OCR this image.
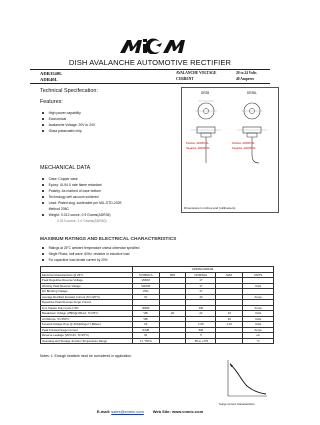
DISH AVALANCHE AUTOMOTIVE RECTIFIER
ADR3540L
ADR40L
AVALANCHE VOLTAGE
CURRENT
20 to 24 Volts
40 Amperes
Technical Specifecation:
Features:
High power capability
Economical
Avalanche Voltage: 20V to 24V
Glass passivated chip
DR35	DR35L
Positive: ADR35-XL
Negative: ADR35-XL
Positive: ADR35-XL
Negative: ADR35-XL
Dimensions in inches and (millimeters)
MECHANICAL DATA
Case: Copper case
Epoxy: UL94-0 rate flame retardant
Polarity: As marked of case bottom
Technology:cell vacuum soldered
Lead: Plated slug, solderable per MIL-STD-202E
Method 208C
Weight: 0.012 ounce, 0.9 Grams(ADR35)
0.013 ounce, 1.0 Grams(ADR40)
MAXIMUM RATINGS AND ELECTRICAL CHARACTERISTICS
Ratings at 25°C ambient temperature unless otherwise specified
Single Phase, half wave, 60Hz, resistive or inductive load
For capacitive load derate current by 20%
	ADR35L/ADR40L				
Electrical Characteristics @ 25°C	SYMBOLS	MIN	NOMINAL	MAX	UNITS
Peak Repetitive Reverse Voltage	VRRM		17		
Working Peak Reverse Voltage	VRWM		17		Volts
DC Blocking Voltage	VDC		17		
Average Rectified Forward Current (Tc=125°C)	IO		40		Amps
Repetitive Peak Reverse Surge Current					
1ms Square Duty Cycle 1.5%	IRRM		100		Amps
Breakdown Voltage (VBR)@100mA, Tc=25°C	VBr	20	22	24	Volts
At 60Amps, Tc=150°C	VBr			30	Volts
Forward Voltage Drop @ 40A(Range=7.8Msec)	VF		1.05	1.10	Volts
Peak Forward Surge Current	IFSM		500		Amps
Reverse Leakage (VR=14V, Tc=25°C)	IR		5		uA
Operating and Storage Junction Temperature Range	TJ, TSTG		-65 to +175		°C
Notes: 1. Enough heatsink must be considered in application.
Surge current characteristics
E-mail: sales@cnmic.com Web Site: www.cnmic.com
